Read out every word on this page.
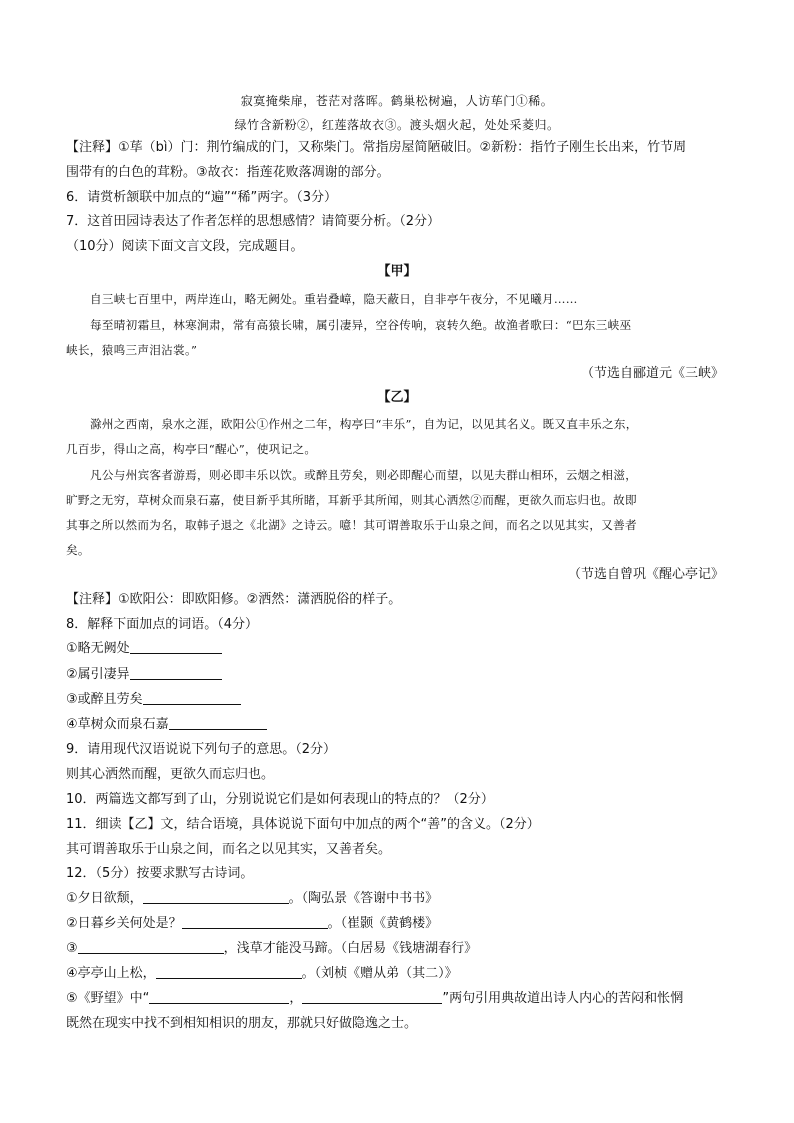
寂寞掩柴扉，苍茫对落晖。鹤巢松树遍，人访荜门①稀。
绿竹含新粉②，红莲落故衣③。渡头烟火起，处处采菱归。
【注释】①荜（bì）门：荆竹编成的门，又称柴门。常指房屋简陋破旧。②新粉：指竹子刚生长出来，竹节周
围带有的白色的茸粉。③故衣：指莲花败落凋谢的部分。
6．请赏析颔联中加点的“遍”“稀”两字。（3分）
7．这首田园诗表达了作者怎样的思想感情？请简要分析。（2分）
（10分）阅读下面文言文段，完成题目。
【甲】
自三峡七百里中，两岸连山，略无阙处。重岩叠嶂，隐天蔽日，自非亭午夜分，不见曦月……
每至晴初霜旦，林寒涧肃，常有高猿长啸，属引凄异，空谷传响，哀转久绝。故渔者歌曰：“巴东三峡巫
峡长，猿鸣三声泪沾裳。”
（节选自郦道元《三峡》
【乙】
滁州之西南，泉水之涯，欧阳公①作州之二年，构亭曰“丰乐”，自为记，以见其名义。既又直丰乐之东，
几百步，得山之高，构亭曰“醒心”，使巩记之。
凡公与州宾客者游焉，则必即丰乐以饮。或醉且劳矣，则必即醒心而望，以见夫群山相环，云烟之相滋，
旷野之无穷，草树众而泉石嘉，使目新乎其所睹，耳新乎其所闻，则其心洒然②而醒，更欲久而忘归也。故即
其事之所以然而为名，取韩子退之《北湖》之诗云。噫！其可谓善取乐于山泉之间，而名之以见其实，又善者
矣。
（节选自曾巩《醒心亭记》
【注释】①欧阳公：即欧阳修。②洒然：潇洒脱俗的样子。
8．解释下面加点的词语。（4分）
①略无阙处
②属引凄异
③或醉且劳矣
④草树众而泉石嘉
9．请用现代汉语说说下列句子的意思。（2分）
则其心洒然而醒，更欲久而忘归也。
10．两篇选文都写到了山，分别说说它们是如何表现山的特点的？（2分）
11．细读【乙】文，结合语境，具体说说下面句中加点的两个“善”的含义。（2分）
其可谓善取乐于山泉之间，而名之以见其实，又善者矣。
12．（5分）按要求默写古诗词。
①夕日欲颓，	。（陶弘景《答谢中书书》
②日暮乡关何处是？	。（崔颢《黄鹤楼》
③	，浅草才能没马蹄。（白居易《钱塘湖春行》
④亭亭山上松，	。（刘桢《赠从弟（其二）》
⑤《野望》中“	，	”两句引用典故道出诗人内心的苦闷和怅惘
既然在现实中找不到相知相识的朋友，那就只好做隐逸之士。
